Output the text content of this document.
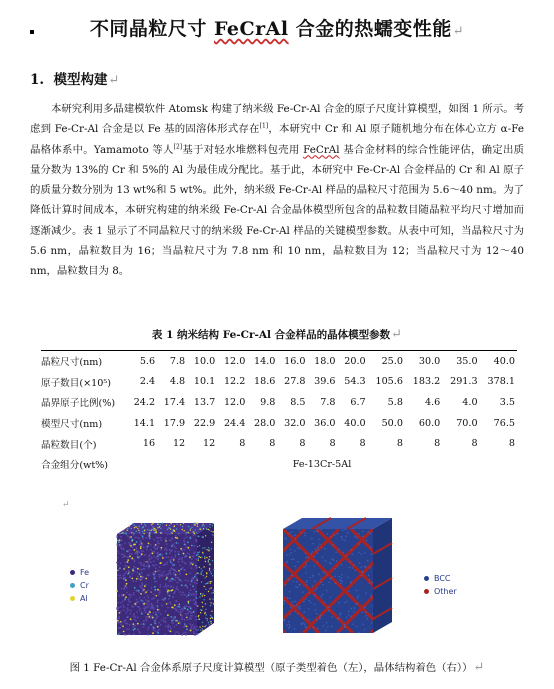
不同晶粒尺寸 FeCrAl 合金的热蠕变性能↵
1. 模型构建↵
本研究利用多晶建模软件 Atomsk 构建了纳米级 Fe-Cr-Al 合金的原子尺度计算模型，如图 1 所示。考虑到 Fe-Cr-Al 合金是以 Fe 基的固溶体形式存在[1]，本研究中 Cr 和 Al 原子随机地分布在体心立方 α-Fe 晶格体系中。Yamamoto 等人[2]基于对轻水堆燃料包壳用 FeCrAl 基合金材料的综合性能评估，确定出质量分数为 13%的 Cr 和 5%的 Al 为最佳成分配比。基于此，本研究中 Fe-Cr-Al 合金样品的 Cr 和 Al 原子的质量分数分别为 13 wt%和 5 wt%。此外，纳米级 Fe-Cr-Al 样品的晶粒尺寸范围为 5.6～40 nm。为了降低计算时间成本，本研究构建的纳米级 Fe-Cr-Al 合金晶体模型所包含的晶粒数目随晶粒平均尺寸增加而逐渐减少。表 1 显示了不同晶粒尺寸的纳米级 Fe-Cr-Al 样品的关键模型参数。从表中可知，当晶粒尺寸为 5.6 nm，晶粒数目为 16；当晶粒尺寸为 7.8 nm 和 10 nm，晶粒数目为 12；当晶粒尺寸为 12～40 nm，晶粒数目为 8。
表 1 纳米结构 Fe-Cr-Al 合金样品的晶体模型参数↵
晶粒尺寸(nm)	5.6	7.8	10.0	12.0	14.0	16.0	18.0	20.0	25.0	30.0	35.0	40.0
原子数目(×10⁵)	2.4	4.8	10.1	12.2	18.6	27.8	39.6	54.3	105.6	183.2	291.3	378.1
晶界原子比例(%)	24.2	17.4	13.7	12.0	9.8	8.5	7.8	6.7	5.8	4.6	4.0	3.5
模型尺寸(nm)	14.1	17.9	22.9	24.4	28.0	32.0	36.0	40.0	50.0	60.0	70.0	76.5
晶粒数目(个)	16	12	12	8	8	8	8	8	8	8	8	8
合金组分(wt%)	Fe-13Cr-5Al											
↵
Fe
Cr
Al
BCC
Other
图 1 Fe-Cr-Al 合金体系原子尺度计算模型（原子类型着色（左），晶体结构着色（右））↵
